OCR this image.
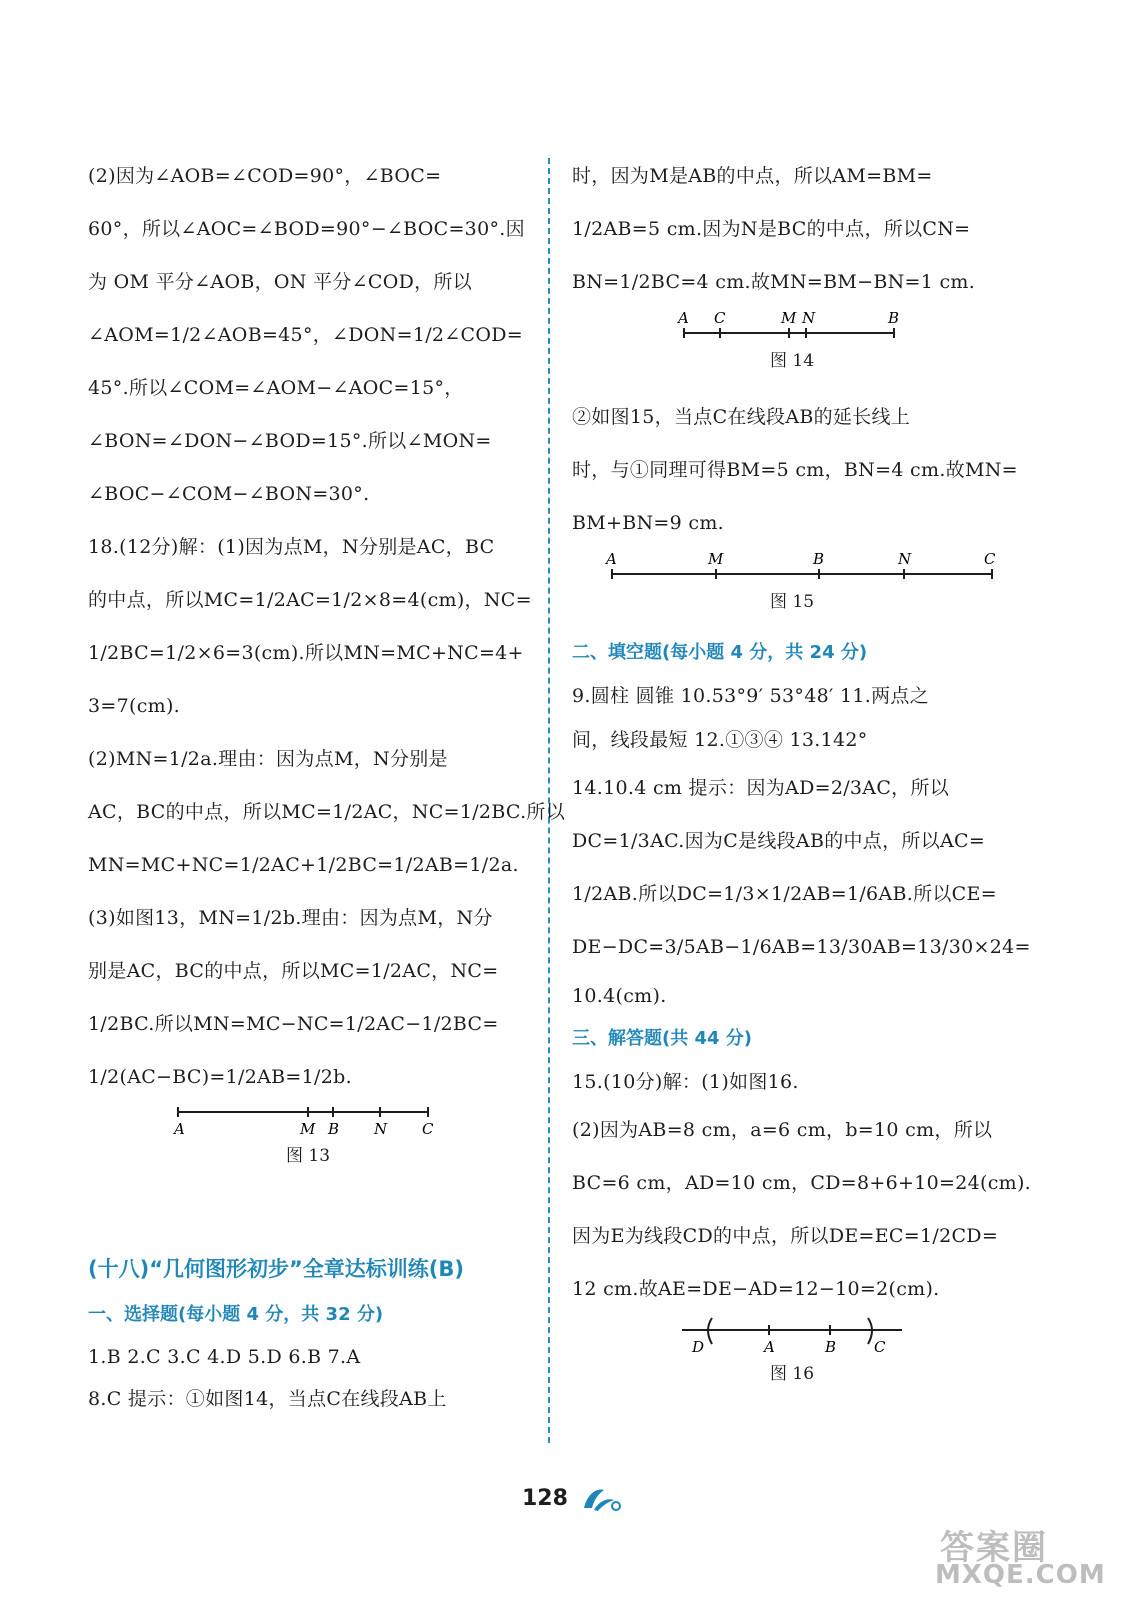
(2)因为∠AOB=∠COD=90°，∠BOC=
60°，所以∠AOC=∠BOD=90°−∠BOC=30°.因
为 OM 平分∠AOB，ON 平分∠COD，所以
∠AOM=1/2∠AOB=45°，∠DON=1/2∠COD=
45°.所以∠COM=∠AOM−∠AOC=15°，
∠BON=∠DON−∠BOD=15°.所以∠MON=
∠BOC−∠COM−∠BON=30°.
18.(12分)解：(1)因为点M，N分别是AC，BC
的中点，所以MC=1/2AC=1/2×8=4(cm)，NC=
1/2BC=1/2×6=3(cm).所以MN=MC+NC=4+
3=7(cm).
(2)MN=1/2a.理由：因为点M，N分别是
AC，BC的中点，所以MC=1/2AC，NC=1/2BC.所以
MN=MC+NC=1/2AC+1/2BC=1/2AB=1/2a.
(3)如图13，MN=1/2b.理由：因为点M，N分
别是AC，BC的中点，所以MC=1/2AC，NC=
1/2BC.所以MN=MC−NC=1/2AC−1/2BC=
1/2(AC−BC)=1/2AB=1/2b.
A	M B N C
图 13
(十八)“几何图形初步”全章达标训练(B)
一、选择题(每小题 4 分，共 32 分)
1.B 2.C 3.C 4.D 5.D 6.B 7.A
8.C 提示：①如图14，当点C在线段AB上
时，因为M是AB的中点，所以AM=BM=
1/2AB=5 cm.因为N是BC的中点，所以CN=
BN=1/2BC=4 cm.故MN=BM−BN=1 cm.
A C	M N	B
图 14
②如图15，当点C在线段AB的延长线上
时，与①同理可得BM=5 cm，BN=4 cm.故MN=
BM+BN=9 cm.
A	M	B	N	C
图 15
二、填空题(每小题 4 分，共 24 分)
9.圆柱 圆锥 10.53°9′ 53°48′ 11.两点之
间，线段最短 12.①③④ 13.142°
14.10.4 cm 提示：因为AD=2/3AC，所以
DC=1/3AC.因为C是线段AB的中点，所以AC=
1/2AB.所以DC=1/3×1/2AB=1/6AB.所以CE=
DE−DC=3/5AB−1/6AB=13/30AB=13/30×24=
10.4(cm).
三、解答题(共 44 分)
15.(10分)解：(1)如图16.
(2)因为AB=8 cm，a=6 cm，b=10 cm，所以
BC=6 cm，AD=10 cm，CD=8+6+10=24(cm).
因为E为线段CD的中点，所以DE=EC=1/2CD=
12 cm.故AE=DE−AD=12−10=2(cm).
D	A	B	C
图 16
128
答案圈
MXQE.COM
